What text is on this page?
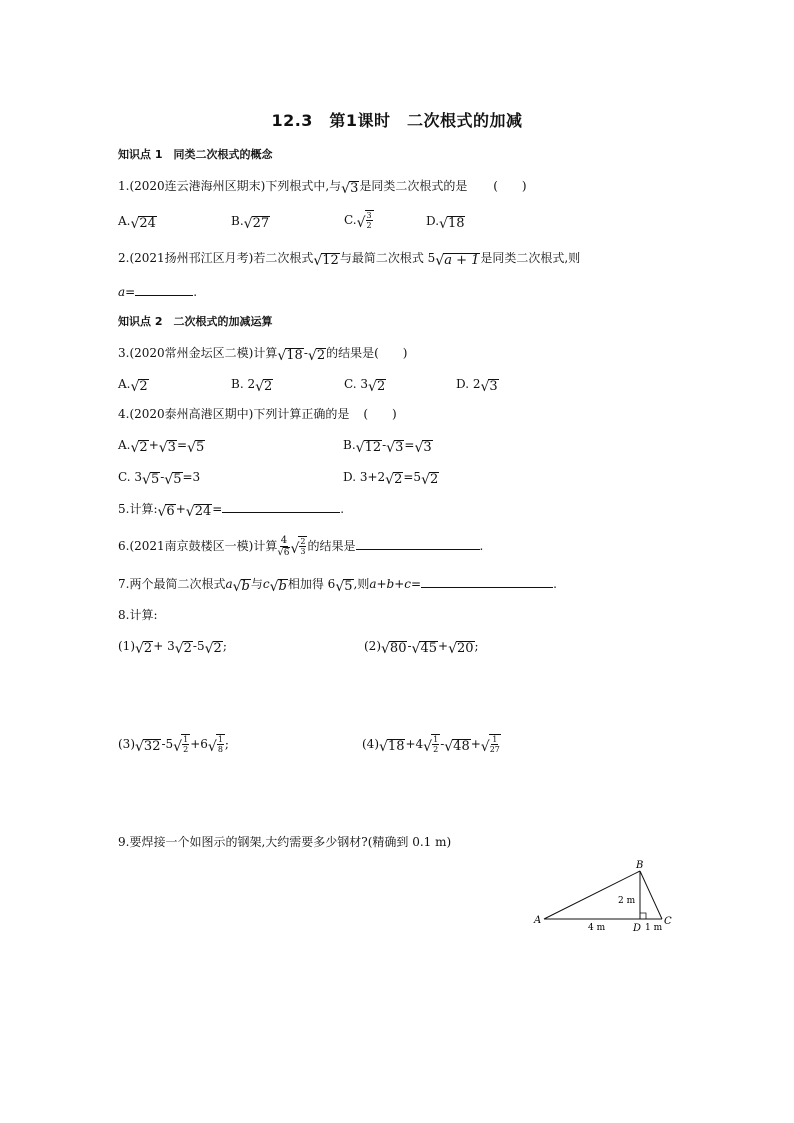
12.3　第1课时　二次根式的加减
知识点 1　同类二次根式的概念
1.(2020连云港海州区期末)下列根式中,与 √ 3 是同类二次根式的是 (　　)
A. √ 24	B. √ 27	C. √ $\frac{3}{2}$	D. √ 18
2.(2021扬州邗江区月考)若二次根式 √ 12 与最简二次根式 5 √ a + 1 是同类二次根式,则
a=	.
知识点 2　二次根式的加减运算
3.(2020常州金坛区二模)计算 √ 18 - √ 2 的结果是(　　)
A. √ 2	B. 2 √ 2	C. 3 √ 2	D. 2 √ 3
4.(2020泰州高港区期中)下列计算正确的是 (　　)
A. √ 2 + √ 3 = √ 5	B. √ 12 - √ 3 = √ 3
C. 3 √ 5 - √ 5 =3	D. 3+2 √ 2 =5 √ 2
5.计算: √ 6 + √ 24 =	.
6.(2021南京鼓楼区一模)计算 $\frac{4}{√ 6}$ √ $\frac{2}{3}$ 的结果是	.
7.两个最简二次根式a √ b 与c √ b 相加得 6 √ 5 ,则a+b+c=	.
8.计算:
(1) √ 2 + 3 √ 2 -5 √ 2 ;	(2) √ 80 - √ 45 + √ 20 ;
(3) √ 32 -5 √ $\frac{1}{2} +6$ √ $\frac{1}{8}$ ;	(4) √ 18 +4 √ $\frac{1}{2}$ - √ 48 + √ $\frac{1}{27}$
9.要焊接一个如图示的钢架,大约需要多少钢材?(精确到 0.1 m)
A
B
C
D
2 m
4 m	1 m
